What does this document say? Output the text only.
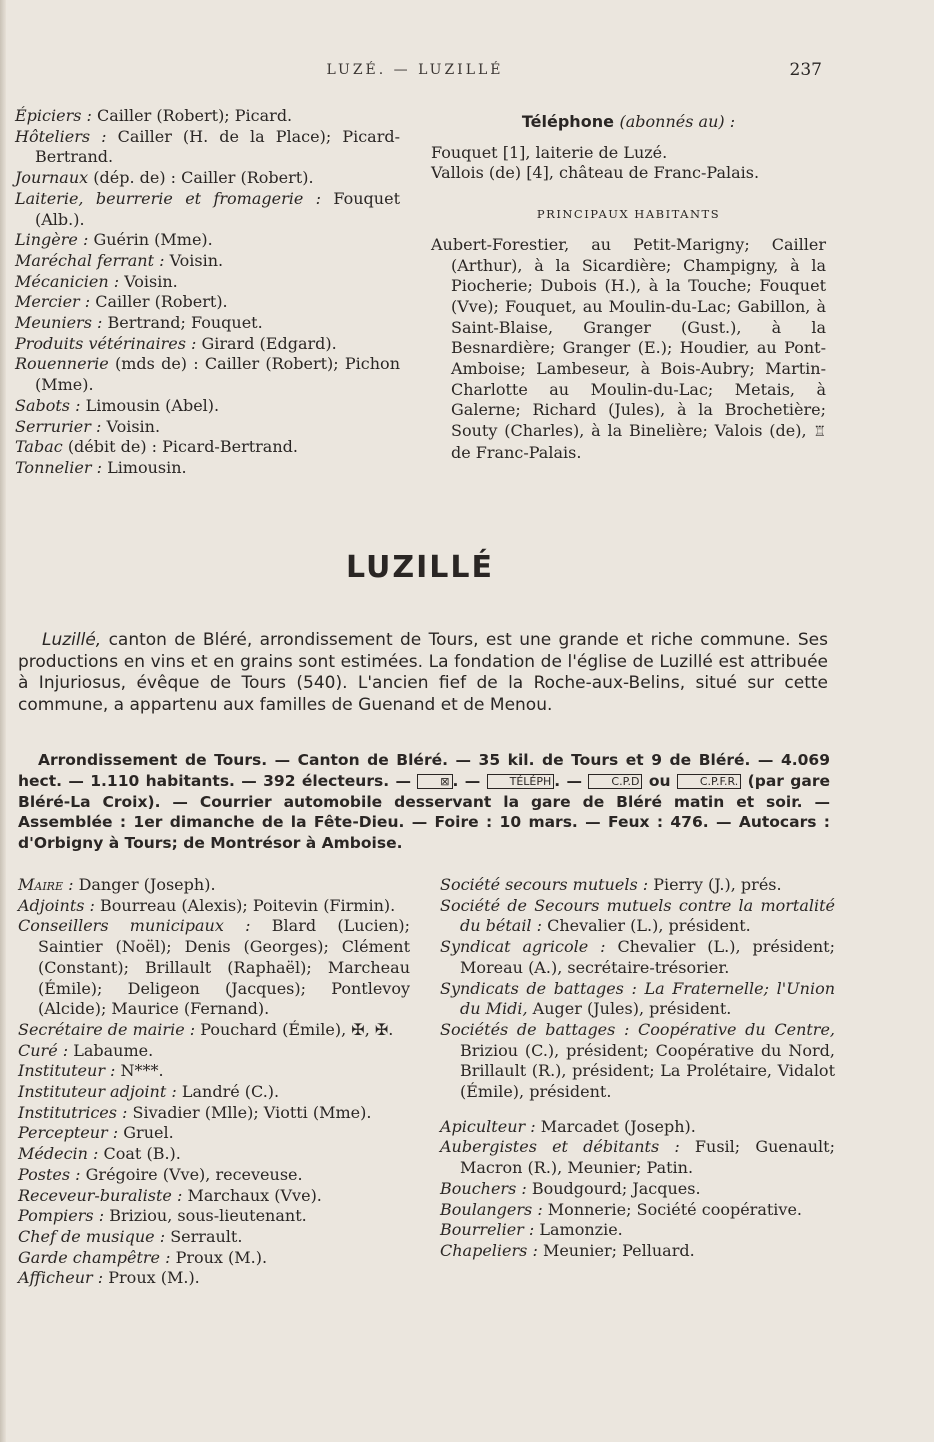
LUZÉ. — LUZILLÉ	237

Épiciers : Cailler (Robert); Picard.

Hôteliers : Cailler (H. de la Place); Picard-Bertrand.

Journaux (dép. de) : Cailler (Robert).

Laiterie, beurrerie et fromagerie : Fouquet (Alb.).

Lingère : Guérin (Mme).

Maréchal ferrant : Voisin.

Mécanicien : Voisin.

Mercier : Cailler (Robert).

Meuniers : Bertrand; Fouquet.

Produits vétérinaires : Girard (Edgard).

Rouennerie (mds de) : Cailler (Robert); Pichon (Mme).

Sabots : Limousin (Abel).

Serrurier : Voisin.

Tabac (débit de) : Picard-Bertrand.

Tonnelier : Limousin.

Téléphone (abonnés au) :

Fouquet [1], laiterie de Luzé.

Vallois (de) [4], château de Franc-Palais.

PRINCIPAUX HABITANTS

Aubert-Forestier, au Petit-Marigny; Cailler (Arthur), à la Sicardière; Champigny, à la Piocherie; Dubois (H.), à la Touche; Fouquet (Vve); Fouquet, au Moulin-du-Lac; Gabillon, à Saint-Blaise, Granger (Gust.), à la Besnardière; Granger (E.); Houdier, au Pont-Amboise; Lambeseur, à Bois-Aubry; Martin-Charlotte au Moulin-du-Lac; Metais, à Galerne; Richard (Jules), à la Brochetière; Souty (Charles), à la Binelière; Valois (de), ♖ de Franc-Palais.

LUZILLÉ

Luzillé, canton de Bléré, arrondissement de Tours, est une grande et riche commune. Ses productions en vins et en grains sont estimées. La fondation de l'église de Luzillé est attribuée à Injuriosus, évêque de Tours (540). L'ancien fief de la Roche-aux-Belins, situé sur cette commune, a appartenu aux familles de Guenand et de Menou.

Arrondissement de Tours. — Canton de Bléré. — 35 kil. de Tours et 9 de Bléré. — 4.069 hect. — 1.110 habitants. — 392 électeurs. —	⊠ . —	TÉLÉPH . —	C.P.D ou	C.P.F.R. (par gare Bléré-La Croix). — Courrier automobile desservant la gare de Bléré matin et soir. — Assemblée : 1er dimanche de la Fête-Dieu. — Foire : 10 mars. — Feux : 476. — Autocars : d'Orbigny à Tours; de Montrésor à Amboise.

Maire : Danger (Joseph).

Adjoints : Bourreau (Alexis); Poitevin (Firmin).

Conseillers municipaux : Blard (Lucien); Saintier (Noël); Denis (Georges); Clément (Constant); Brillault (Raphaël); Marcheau (Émile); Deligeon (Jacques); Pontlevoy (Alcide); Maurice (Fernand).

Secrétaire de mairie : Pouchard (Émile), ✠, ✠.

Curé : Labaume.

Instituteur : N***.

Instituteur adjoint : Landré (C.).

Institutrices : Sivadier (Mlle); Viotti (Mme).

Percepteur : Gruel.

Médecin : Coat (B.).

Postes : Grégoire (Vve), receveuse.

Receveur-buraliste : Marchaux (Vve).

Pompiers : Briziou, sous-lieutenant.

Chef de musique : Serrault.

Garde champêtre : Proux (M.).

Afficheur : Proux (M.).

Société secours mutuels : Pierry (J.), prés.

Société de Secours mutuels contre la mortalité du bétail : Chevalier (L.), président.

Syndicat agricole : Chevalier (L.), président; Moreau (A.), secrétaire-trésorier.

Syndicats de battages : La Fraternelle; l'Union du Midi, Auger (Jules), président.

Sociétés de battages : Coopérative du Centre, Briziou (C.), président; Coopérative du Nord, Brillault (R.), président; La Prolétaire, Vidalot (Émile), président.

Apiculteur : Marcadet (Joseph).

Aubergistes et débitants : Fusil; Guenault; Macron (R.), Meunier; Patin.

Bouchers : Boudgourd; Jacques.

Boulangers : Monnerie; Société coopérative.

Bourrelier : Lamonzie.

Chapeliers : Meunier; Pelluard.
